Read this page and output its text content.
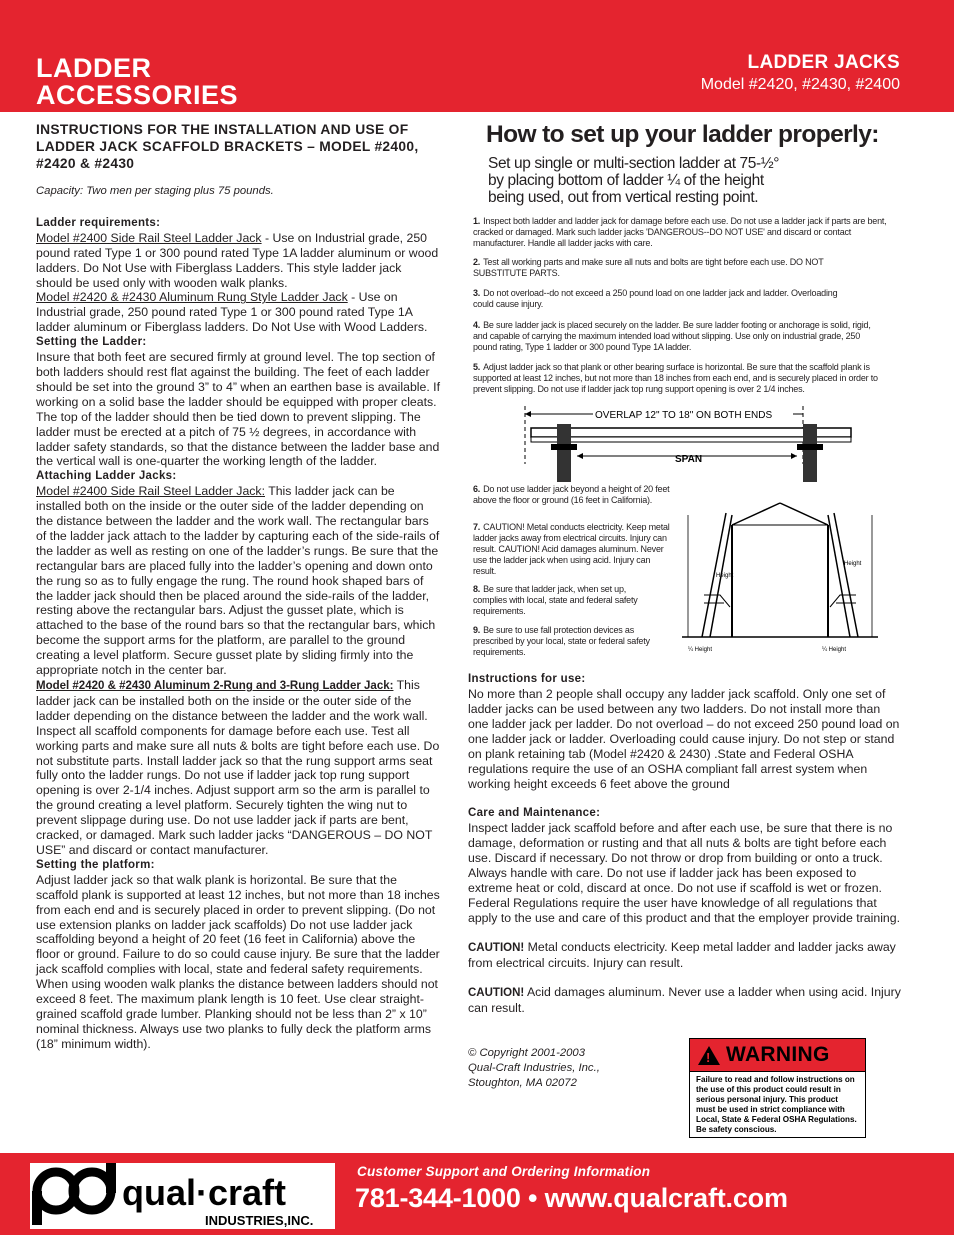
LADDER
ACCESSORIES
LADDER JACKS
Model #2420, #2430, #2400
INSTRUCTIONS FOR THE INSTALLATION AND USE OF LADDER JACK SCAFFOLD BRACKETS – MODEL #2400, #2420 & #2430
Capacity: Two men per staging plus 75 pounds.
Ladder requirements:

Model #2400 Side Rail Steel Ladder Jack - Use on Industrial grade, 250 pound rated Type 1 or 300 pound rated Type 1A ladder aluminum or wood ladders. Do Not Use with Fiberglass Ladders. This style ladder jack should be used only with wooden walk planks.

Model #2420 & #2430 Aluminum Rung Style Ladder Jack - Use on Industrial grade, 250 pound rated Type 1 or 300 pound rated Type 1A ladder aluminum or Fiberglass ladders. Do Not Use with Wood Ladders.

Setting the Ladder:

Insure that both feet are secured firmly at ground level. The top section of both ladders should rest flat against the building. The feet of each ladder should be set into the ground 3” to 4” when an earthen base is available. If working on a solid base the ladder should be equipped with proper cleats. The top of the ladder should then be tied down to prevent slipping. The ladder must be erected at a pitch of 75 ½ degrees, in accordance with ladder safety standards, so that the distance between the ladder base and the vertical wall is one-quarter the working length of the ladder.

Attaching Ladder Jacks:

Model #2400 Side Rail Steel Ladder Jack: This ladder jack can be installed both on the inside or the outer side of the ladder depending on the distance between the ladder and the work wall. The rectangular bars of the ladder jack attach to the ladder by capturing each of the side-rails of the ladder as well as resting on one of the ladder’s rungs. Be sure that the rectangular bars are placed fully into the ladder’s opening and down onto the rung so as to fully engage the rung. The round hook shaped bars of the ladder jack should then be placed around the side-rails of the ladder, resting above the rectangular bars. Adjust the gusset plate, which is attached to the base of the round bars so that the rectangular bars, which become the support arms for the platform, are parallel to the ground creating a level platform. Secure gusset plate by sliding firmly into the appropriate notch in the center bar.

Model #2420 & #2430 Aluminum 2-Rung and 3-Rung Ladder Jack: This ladder jack can be installed both on the inside or the outer side of the ladder depending on the distance between the ladder and the work wall. Inspect all scaffold components for damage before each use. Test all working parts and make sure all nuts & bolts are tight before each use. Do not substitute parts. Install ladder jack so that the rung support arms seat fully onto the ladder rungs. Do not use if ladder jack top rung support opening is over 2-1/4 inches. Adjust support arm so the arm is parallel to the ground creating a level platform. Securely tighten the wing nut to prevent slippage during use. Do not use ladder jack if parts are bent, cracked, or damaged. Mark such ladder jacks “DANGEROUS – DO NOT USE” and discard or contact manufacturer.

Setting the platform:

Adjust ladder jack so that walk plank is horizontal. Be sure that the scaffold plank is supported at least 12 inches, but not more than 18 inches from each end and is securely placed in order to prevent slipping. (Do not use extension planks on ladder jack scaffolds) Do not use ladder jack scaffolding beyond a height of 20 feet (16 feet in California) above the floor or ground. Failure to do so could cause injury. Be sure that the ladder jack scaffold complies with local, state and federal safety requirements. When using wooden walk planks the distance between ladders should not exceed 8 feet. The maximum plank length is 10 feet. Use clear straight-grained scaffold grade lumber. Planking should not be less than 2” x 10” nominal thickness. Always use two planks to fully deck the platform arms (18” minimum width).

How to set up your ladder properly:
Set up single or multi-section ladder at 75-½°
by placing bottom of ladder ¼ of the height
being used, out from vertical resting point.
1. Inspect both ladder and ladder jack for damage before each use. Do not use a ladder jack if parts are bent, cracked or damaged. Mark such ladder jacks 'DANGEROUS--DO NOT USE' and discard or contact manufacturer. Handle all ladder jacks with care.
2. Test all working parts and make sure all nuts and bolts are tight before each use. DO NOT SUBSTITUTE PARTS.
3. Do not overload--do not exceed a 250 pound load on one ladder jack and ladder. Overloading could cause injury.
4. Be sure ladder jack is placed securely on the ladder. Be sure ladder footing or anchorage is solid, rigid, and capable of carrying the maximum intended load without slipping. Use only on industrial grade, 250 pound rating, Type 1 ladder or 300 pound Type 1A ladder.
5. Adjust ladder jack so that plank or other bearing surface is horizontal. Be sure that the scaffold plank is supported at least 12 inches, but not more than 18 inches from each end, and is securely placed in order to prevent slipping. Do not use if ladder jack top rung support opening is over 2 1/4 inches.
6. Do not use ladder jack beyond a height of 20 feet above the floor or ground (16 feet in California).
7. CAUTION! Metal conducts electricity. Keep metal ladder jacks away from electrical circuits. Injury can result. CAUTION! Acid damages aluminum. Never use the ladder jack when using acid. Injury can result.
8. Be sure that ladder jack, when set up, complies with local, state and federal safety requirements.
9. Be sure to use fall protection devices as prescribed by your local, state or federal safety requirements.
OVERLAP 12" TO 18" ON BOTH ENDS
SPAN
Height
Height
¼ Height	¼ Height
Instructions for use:

No more than 2 people shall occupy any ladder jack scaffold. Only one set of ladder jacks can be used between any two ladders. Do not install more than one ladder jack per ladder. Do not overload – do not exceed 250 pound load on one ladder jack or ladder. Overloading could cause injury. Do not step or stand on plank retaining tab (Model #2420 & 2430) .State and Federal OSHA regulations require the use of an OSHA compliant fall arrest system when working height exceeds 6 feet above the ground

Care and Maintenance:

Inspect ladder jack scaffold before and after each use, be sure that there is no damage, deformation or rusting and that all nuts & bolts are tight before each use. Discard if necessary. Do not throw or drop from building or onto a truck. Always handle with care. Do not use if ladder jack has been exposed to extreme heat or cold, discard at once. Do not use if scaffold is wet or frozen. Federal Regulations require the user have knowledge of all regulations that apply to the use and care of this product and that the employer provide training.

CAUTION! Metal conducts electricity. Keep metal ladder and ladder jacks away from electrical circuits. Injury can result.

CAUTION! Acid damages aluminum. Never use a ladder when using acid. Injury can result.

© Copyright 2001-2003
Qual-Craft Industries, Inc.,
Stoughton, MA 02072
! WARNING
Failure to read and follow instructions on the use of this product could result in serious personal injury. This product must be used in strict compliance with Local, State & Federal OSHA Regulations. Be safety conscious.
qual·craft
INDUSTRIES,INC.
Customer Support and Ordering Information
781-344-1000 • www.qualcraft.com
